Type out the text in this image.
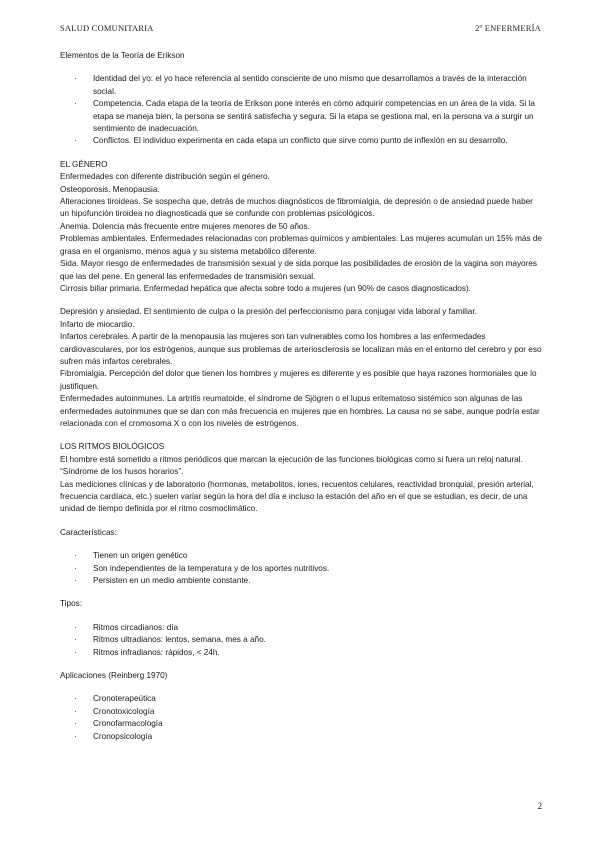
SALUD COMUNITARIA	2º ENFERMERÍA

Elementos de la Teoría de Erikson

· Identidad del yo: el yo hace referencia al sentido consciente de uno mismo que desarrollamos a través de la interacción social.
· Competencia. Cada etapa de la teoría de Erikson pone interés en cómo adquirir competencias en un área de la vida. Si la etapa se maneja bien, la persona se sentirá satisfecha y segura. Si la etapa se gestiona mal, en la persona va a surgir un sentimiento de inadecuación.
· Conflictos. El individuo experimenta en cada etapa un conflicto que sirve como punto de inflexión en su desarrollo.

EL GÉNERO

Enfermedades con diferente distribución según el género.

Osteoporosis. Menopausia.

Alteraciones tiroideas. Se sospecha que, detrás de muchos diagnósticos de fibromialgia, de depresión o de ansiedad puede haber un hipofunción tiroidea no diagnosticada que se confunde con problemas psicológicos.

Anemia. Dolencia más frecuente entre mujeres menores de 50 años.

Problemas ambientales. Enfermedades relacionadas con problemas químicos y ambientales. Las mujeres acumulan un 15% más de grasa en el organismo, menos agua y su sistema metabólico diferente.

Sida. Mayor riesgo de enfermedades de transmisión sexual y de sida porque las posibilidades de erosión de la vagina son mayores que las del pene. En general las enfermedades de transmisión sexual.

Cirrosis biliar primaria. Enfermedad hepática que afecta sobre todo a mujeres (un 90% de casos diagnosticados).

Depresión y ansiedad. El sentimiento de culpa o la presión del perfeccionismo para conjugar vida laboral y familiar.

Infarto de miocardio.

Infartos cerebrales. A partir de la menopausia las mujeres son tan vulnerables como los hombres a las enfermedades cardiovasculares, por los estrógenos, aunque sus problemas de arteriosclerosis se localizan más en el entorno del cerebro y por eso sufren más infartos cerebrales.

Fibromialgia. Percepción del dolor que tienen los hombres y mujeres es diferente y es posible que haya razones hormonales que lo justifiquen.

Enfermedades autoinmunes. La artritis reumatoide, el síndrome de Sjögren o el lupus eritematoso sistémico son algunas de las enfermedades autoinmunes que se dan con más frecuencia en mujeres que en hombres. La causa no se sabe, aunque podría estar relacionada con el cromosoma X o con los niveles de estrógenos.

LOS RITMOS BIOLÓGICOS

El hombre está sometido a ritmos periódicos que marcan la ejecución de las funciones biológicas como si fuera un reloj natural.

“Síndrome de los husos horarios”.

Las mediciones clínicas y de laboratorio (hormonas, metabolitos, iones, recuentos celulares, reactividad bronquial, presión arterial, frecuencia cardíaca, etc.) suelen variar según la hora del día e incluso la estación del año en el que se estudian, es decir, de una unidad de tiempo definida por el ritmo cosmoclimático.

Características:

· Tienen un origen genético
· Son independientes de la temperatura y de los aportes nutritivos.
· Persisten en un medio ambiente constante.

Tipos:

· Ritmos circadianos: día
· Ritmos ultradianos: lentos, semana, mes a año.
· Ritmos infradianos: rápidos, < 24h.

Aplicaciones (Reinberg 1970)

· Cronoterapeútica
· Cronotoxicología
· Cronofarmacología
· Cronopsicología
2
